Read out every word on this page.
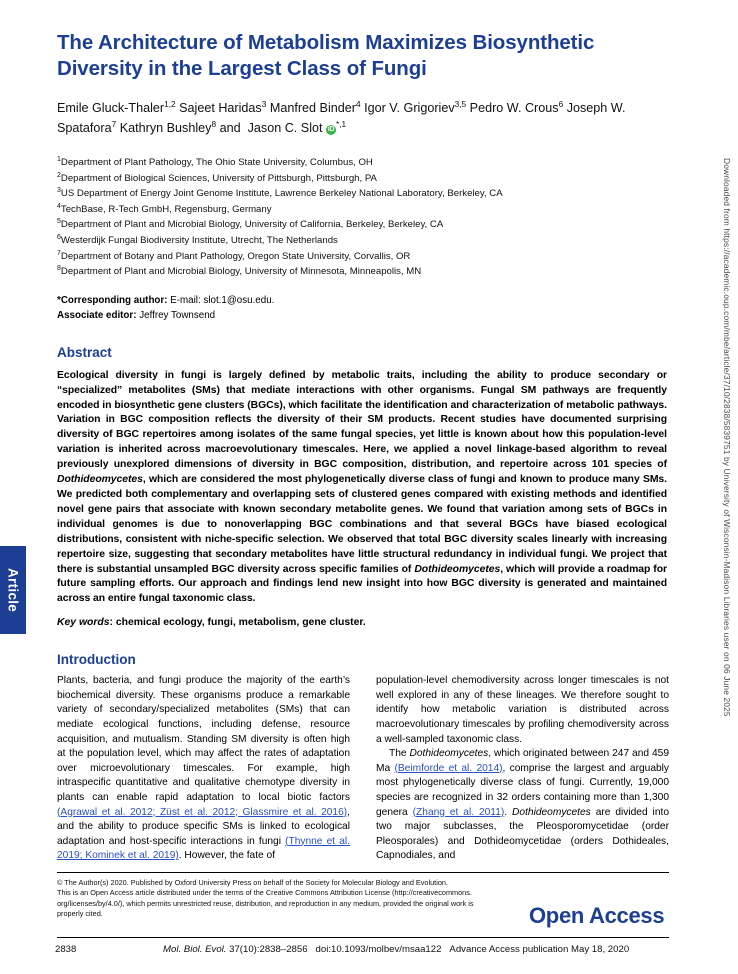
Article	Downloaded from https://academic.oup.com/mbe/article/37/10/2838/5839751 by University of Wisconsin-Madison Libraries user on 06 June 2025
The Architecture of Metabolism Maximizes Biosynthetic Diversity in the Largest Class of Fungi
Emile Gluck-Thaler$^{1,2}$ Sajeet Haridas$^3$ Manfred Binder$^4$ Igor V. Grigoriev$^{3,5}$ Pedro W. Crous$^6$ Joseph W. Spatafora$^7$ Kathryn Bushley$^8$ and Jason C. Slot $iD^{*,1}$
$^1$Department of Plant Pathology, The Ohio State University, Columbus, OH
$^2$Department of Biological Sciences, University of Pittsburgh, Pittsburgh, PA
$^3$US Department of Energy Joint Genome Institute, Lawrence Berkeley National Laboratory, Berkeley, CA
$^4$TechBase, R-Tech GmbH, Regensburg, Germany
$^5$Department of Plant and Microbial Biology, University of California, Berkeley, Berkeley, CA
$^6$Westerdijk Fungal Biodiversity Institute, Utrecht, The Netherlands
$^7$Department of Botany and Plant Pathology, Oregon State University, Corvallis, OR
$^8$Department of Plant and Microbial Biology, University of Minnesota, Minneapolis, MN
*Corresponding author: E-mail: slot.1@osu.edu.
Associate editor: Jeffrey Townsend
Abstract
Ecological diversity in fungi is largely defined by metabolic traits, including the ability to produce secondary or “specialized” metabolites (SMs) that mediate interactions with other organisms. Fungal SM pathways are frequently encoded in biosynthetic gene clusters (BGCs), which facilitate the identification and characterization of metabolic pathways. Variation in BGC composition reflects the diversity of their SM products. Recent studies have documented surprising diversity of BGC repertoires among isolates of the same fungal species, yet little is known about how this population-level variation is inherited across macroevolutionary timescales. Here, we applied a novel linkage-based algorithm to reveal previously unexplored dimensions of diversity in BGC composition, distribution, and repertoire across 101 species of Dothideomycetes, which are considered the most phylogenetically diverse class of fungi and known to produce many SMs. We predicted both complementary and overlapping sets of clustered genes compared with existing methods and identified novel gene pairs that associate with known secondary metabolite genes. We found that variation among sets of BGCs in individual genomes is due to nonoverlapping BGC combinations and that several BGCs have biased ecological distributions, consistent with niche-specific selection. We observed that total BGC diversity scales linearly with increasing repertoire size, suggesting that secondary metabolites have little structural redundancy in individual fungi. We project that there is substantial unsampled BGC diversity across specific families of Dothideomycetes, which will provide a roadmap for future sampling efforts. Our approach and findings lend new insight into how BGC diversity is generated and maintained across an entire fungal taxonomic class.
Key words: chemical ecology, fungi, metabolism, gene cluster.
Introduction

Plants, bacteria, and fungi produce the majority of the earth’s biochemical diversity. These organisms produce a remarkable variety of secondary/specialized metabolites (SMs) that can mediate ecological functions, including defense, resource acquisition, and mutualism. Standing SM diversity is often high at the population level, which may affect the rates of adaptation over microevolutionary timescales. For example, high intraspecific quantitative and qualitative chemotype diversity in plants can enable rapid adaptation to local biotic factors (Agrawal et al. 2012; Züst et al. 2012; Glassmire et al. 2016), and the ability to produce specific SMs is linked to ecological adaptation and host-specific interactions in fungi (Thynne et al. 2019; Kominek et al. 2019). However, the fate of

population-level chemodiversity across longer timescales is not well explored in any of these lineages. We therefore sought to identify how metabolic variation is distributed across macroevolutionary timescales by profiling chemodiversity across a well-sampled taxonomic class.

The Dothideomycetes, which originated between 247 and 459 Ma (Beimforde et al. 2014), comprise the largest and arguably most phylogenetically diverse class of fungi. Currently, 19,000 species are recognized in 32 orders containing more than 1,300 genera (Zhang et al. 2011). Dothideomycetes are divided into two major subclasses, the Pleosporomycetidae (order Pleosporales) and Dothideomycetidae (orders Dothideales, Capnodiales, and

© The Author(s) 2020. Published by Oxford University Press on behalf of the Society for Molecular Biology and Evolution.
This is an Open Access article distributed under the terms of the Creative Commons Attribution License (http://creativecommons.
org/licenses/by/4.0/), which permits unrestricted reuse, distribution, and reproduction in any medium, provided the original work is
properly cited.	Open Access
2838	Mol. Biol. Evol. 37(10):2838–2856 doi:10.1093/molbev/msaa122 Advance Access publication May 18, 2020
